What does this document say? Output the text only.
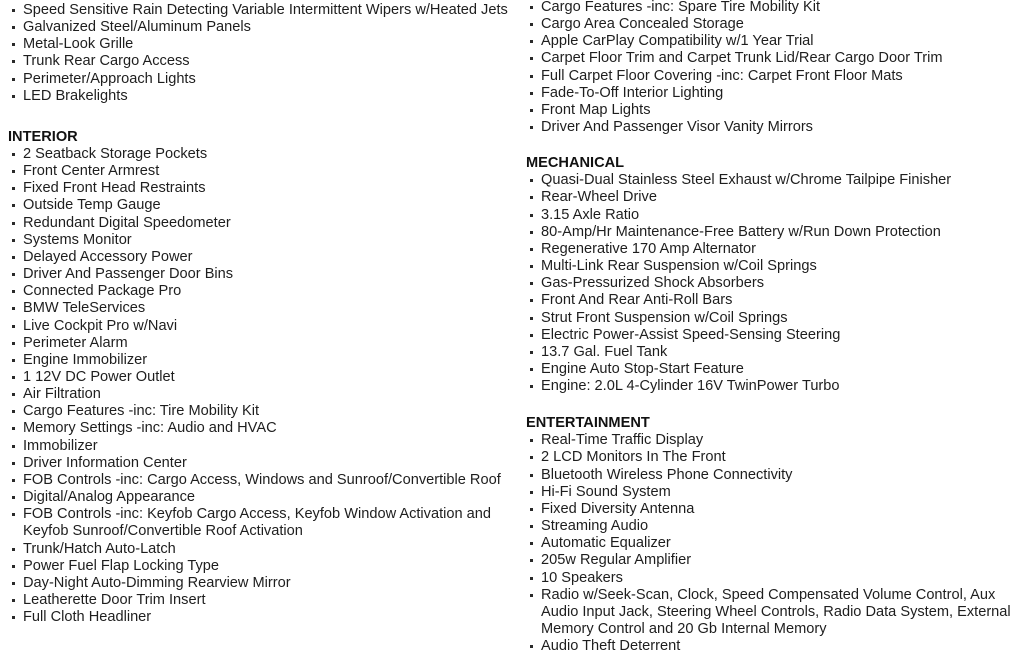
Speed Sensitive Rain Detecting Variable Intermittent Wipers w/Heated Jets
Galvanized Steel/Aluminum Panels
Metal-Look Grille
Trunk Rear Cargo Access
Perimeter/Approach Lights
LED Brakelights
INTERIOR
2 Seatback Storage Pockets
Front Center Armrest
Fixed Front Head Restraints
Outside Temp Gauge
Redundant Digital Speedometer
Systems Monitor
Delayed Accessory Power
Driver And Passenger Door Bins
Connected Package Pro
BMW TeleServices
Live Cockpit Pro w/Navi
Perimeter Alarm
Engine Immobilizer
1 12V DC Power Outlet
Air Filtration
Cargo Features -inc: Tire Mobility Kit
Memory Settings -inc: Audio and HVAC
Immobilizer
Driver Information Center
FOB Controls -inc: Cargo Access, Windows and Sunroof/Convertible Roof
Digital/Analog Appearance
FOB Controls -inc: Keyfob Cargo Access, Keyfob Window Activation and Keyfob Sunroof/Convertible Roof Activation
Trunk/Hatch Auto-Latch
Power Fuel Flap Locking Type
Day-Night Auto-Dimming Rearview Mirror
Leatherette Door Trim Insert
Full Cloth Headliner
Cargo Features -inc: Spare Tire Mobility Kit
Cargo Area Concealed Storage
Apple CarPlay Compatibility w/1 Year Trial
Carpet Floor Trim and Carpet Trunk Lid/Rear Cargo Door Trim
Full Carpet Floor Covering -inc: Carpet Front Floor Mats
Fade-To-Off Interior Lighting
Front Map Lights
Driver And Passenger Visor Vanity Mirrors
MECHANICAL
Quasi-Dual Stainless Steel Exhaust w/Chrome Tailpipe Finisher
Rear-Wheel Drive
3.15 Axle Ratio
80-Amp/Hr Maintenance-Free Battery w/Run Down Protection
Regenerative 170 Amp Alternator
Multi-Link Rear Suspension w/Coil Springs
Gas-Pressurized Shock Absorbers
Front And Rear Anti-Roll Bars
Strut Front Suspension w/Coil Springs
Electric Power-Assist Speed-Sensing Steering
13.7 Gal. Fuel Tank
Engine Auto Stop-Start Feature
Engine: 2.0L 4-Cylinder 16V TwinPower Turbo
ENTERTAINMENT
Real-Time Traffic Display
2 LCD Monitors In The Front
Bluetooth Wireless Phone Connectivity
Hi-Fi Sound System
Fixed Diversity Antenna
Streaming Audio
Automatic Equalizer
205w Regular Amplifier
10 Speakers
Radio w/Seek-Scan, Clock, Speed Compensated Volume Control, Aux Audio Input Jack, Steering Wheel Controls, Radio Data System, External Memory Control and 20 Gb Internal Memory
Audio Theft Deterrent
